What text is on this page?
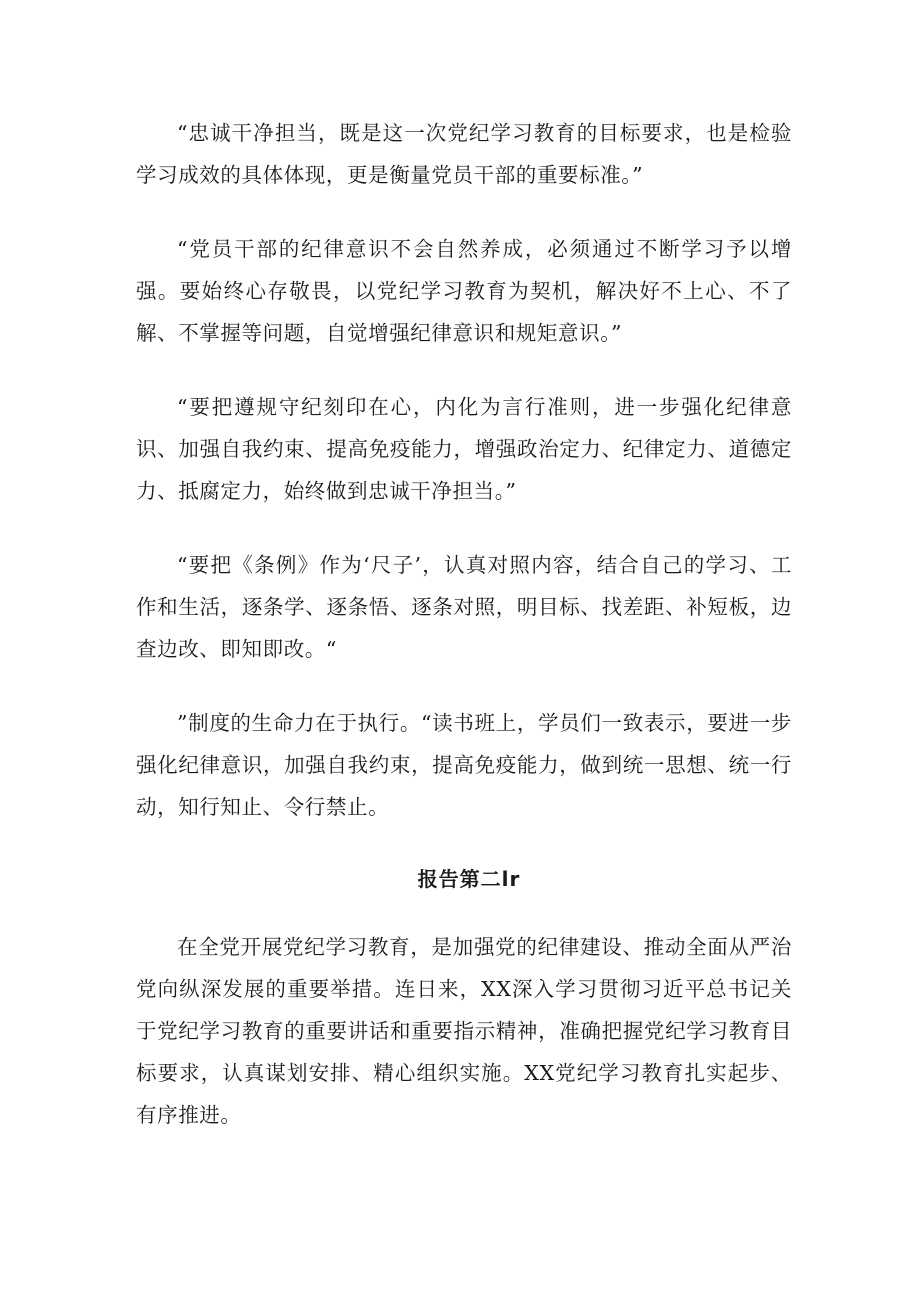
“忠诚干净担当，既是这一次党纪学习教育的目标要求，也是检验学习成效的具体体现，更是衡量党员干部的重要标准。”

“党员干部的纪律意识不会自然养成，必须通过不断学习予以增强。要始终心存敬畏，以党纪学习教育为契机，解决好不上心、不了解、不掌握等问题，自觉增强纪律意识和规矩意识。”

“要把遵规守纪刻印在心，内化为言行准则，进一步强化纪律意识、加强自我约束、提高免疫能力，增强政治定力、纪律定力、道德定力、抵腐定力，始终做到忠诚干净担当。”

“要把《条例》作为‘尺子’，认真对照内容，结合自己的学习、工作和生活，逐条学、逐条悟、逐条对照，明目标、找差距、补短板，边查边改、即知即改。“

”制度的生命力在于执行。“读书班上，学员们一致表示，要进一步强化纪律意识，加强自我约束，提高免疫能力，做到统一思想、统一行动，知行知止、令行禁止。

报告第二lr

在全党开展党纪学习教育，是加强党的纪律建设、推动全面从严治党向纵深发展的重要举措。连日来，XX深入学习贯彻习近平总书记关于党纪学习教育的重要讲话和重要指示精神，准确把握党纪学习教育目标要求，认真谋划安排、精心组织实施。XX党纪学习教育扎实起步、有序推进。
